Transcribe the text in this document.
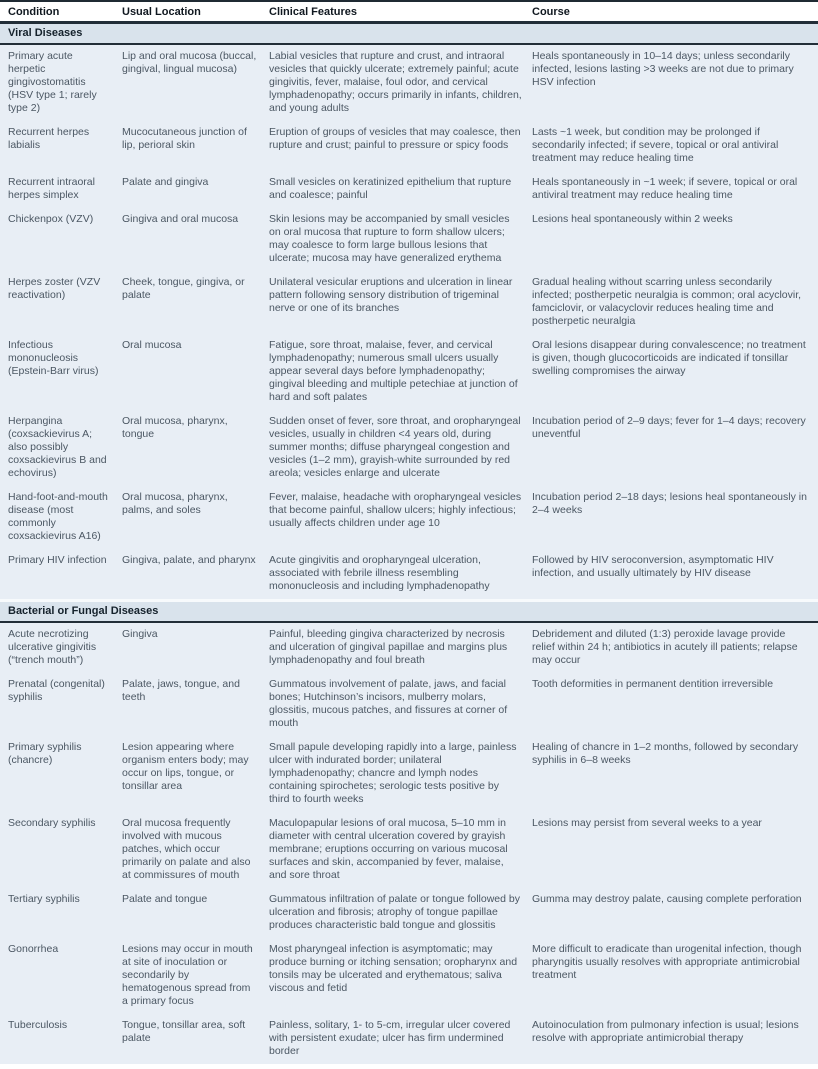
Condition	Usual Location	Clinical Features	Course
Viral Diseases			
Primary acute herpetic gingivostomatitis (HSV type 1; rarely type 2)	Lip and oral mucosa (buccal, gingival, lingual mucosa)	Labial vesicles that rupture and crust, and intraoral vesicles that quickly ulcerate; extremely painful; acute gingivitis, fever, malaise, foul odor, and cervical lymphadenopathy; occurs primarily in infants, children, and young adults	Heals spontaneously in 10–14 days; unless secondarily infected, lesions lasting >3 weeks are not due to primary HSV infection
Recurrent herpes labialis	Mucocutaneous junction of lip, perioral skin	Eruption of groups of vesicles that may coalesce, then rupture and crust; painful to pressure or spicy foods	Lasts ~1 week, but condition may be prolonged if secondarily infected; if severe, topical or oral antiviral treatment may reduce healing time
Recurrent intraoral herpes simplex	Palate and gingiva	Small vesicles on keratinized epithelium that rupture and coalesce; painful	Heals spontaneously in ~1 week; if severe, topical or oral antiviral treatment may reduce healing time
Chickenpox (VZV)	Gingiva and oral mucosa	Skin lesions may be accompanied by small vesicles on oral mucosa that rupture to form shallow ulcers; may coalesce to form large bullous lesions that ulcerate; mucosa may have generalized erythema	Lesions heal spontaneously within 2 weeks
Herpes zoster (VZV reactivation)	Cheek, tongue, gingiva, or palate	Unilateral vesicular eruptions and ulceration in linear pattern following sensory distribution of trigeminal nerve or one of its branches	Gradual healing without scarring unless secondarily infected; postherpetic neuralgia is common; oral acyclovir, famciclovir, or valacyclovir reduces healing time and postherpetic neuralgia
Infectious mononucleosis (Epstein-Barr virus)	Oral mucosa	Fatigue, sore throat, malaise, fever, and cervical lymphadenopathy; numerous small ulcers usually appear several days before lymphadenopathy; gingival bleeding and multiple petechiae at junction of hard and soft palates	Oral lesions disappear during convalescence; no treatment is given, though glucocorticoids are indicated if tonsillar swelling compromises the airway
Herpangina (coxsackievirus A; also possibly coxsackievirus B and echovirus)	Oral mucosa, pharynx, tongue	Sudden onset of fever, sore throat, and oropharyngeal vesicles, usually in children <4 years old, during summer months; diffuse pharyngeal congestion and vesicles (1–2 mm), grayish-white surrounded by red areola; vesicles enlarge and ulcerate	Incubation period of 2–9 days; fever for 1–4 days; recovery uneventful
Hand-foot-and-mouth disease (most commonly coxsackievirus A16)	Oral mucosa, pharynx, palms, and soles	Fever, malaise, headache with oropharyngeal vesicles that become painful, shallow ulcers; highly infectious; usually affects children under age 10	Incubation period 2–18 days; lesions heal spontaneously in 2–4 weeks
Primary HIV infection	Gingiva, palate, and pharynx	Acute gingivitis and oropharyngeal ulceration, associated with febrile illness resembling mononucleosis and including lymphadenopathy	Followed by HIV seroconversion, asymptomatic HIV infection, and usually ultimately by HIV disease
Bacterial or Fungal Diseases			
Acute necrotizing ulcerative gingivitis (“trench mouth”)	Gingiva	Painful, bleeding gingiva characterized by necrosis and ulceration of gingival papillae and margins plus lymphadenopathy and foul breath	Debridement and diluted (1:3) peroxide lavage provide relief within 24 h; antibiotics in acutely ill patients; relapse may occur
Prenatal (congenital) syphilis	Palate, jaws, tongue, and teeth	Gummatous involvement of palate, jaws, and facial bones; Hutchinson’s incisors, mulberry molars, glossitis, mucous patches, and fissures at corner of mouth	Tooth deformities in permanent dentition irreversible
Primary syphilis (chancre)	Lesion appearing where organism enters body; may occur on lips, tongue, or tonsillar area	Small papule developing rapidly into a large, painless ulcer with indurated border; unilateral lymphadenopathy; chancre and lymph nodes containing spirochetes; serologic tests positive by third to fourth weeks	Healing of chancre in 1–2 months, followed by secondary syphilis in 6–8 weeks
Secondary syphilis	Oral mucosa frequently involved with mucous patches, which occur primarily on palate and also at commissures of mouth	Maculopapular lesions of oral mucosa, 5–10 mm in diameter with central ulceration covered by grayish membrane; eruptions occurring on various mucosal surfaces and skin, accompanied by fever, malaise, and sore throat	Lesions may persist from several weeks to a year
Tertiary syphilis	Palate and tongue	Gummatous infiltration of palate or tongue followed by ulceration and fibrosis; atrophy of tongue papillae produces characteristic bald tongue and glossitis	Gumma may destroy palate, causing complete perforation
Gonorrhea	Lesions may occur in mouth at site of inoculation or secondarily by hematogenous spread from a primary focus	Most pharyngeal infection is asymptomatic; may produce burning or itching sensation; oropharynx and tonsils may be ulcerated and erythematous; saliva viscous and fetid	More difficult to eradicate than urogenital infection, though pharyngitis usually resolves with appropriate antimicrobial treatment
Tuberculosis	Tongue, tonsillar area, soft palate	Painless, solitary, 1- to 5-cm, irregular ulcer covered with persistent exudate; ulcer has firm undermined border	Autoinoculation from pulmonary infection is usual; lesions resolve with appropriate antimicrobial therapy
